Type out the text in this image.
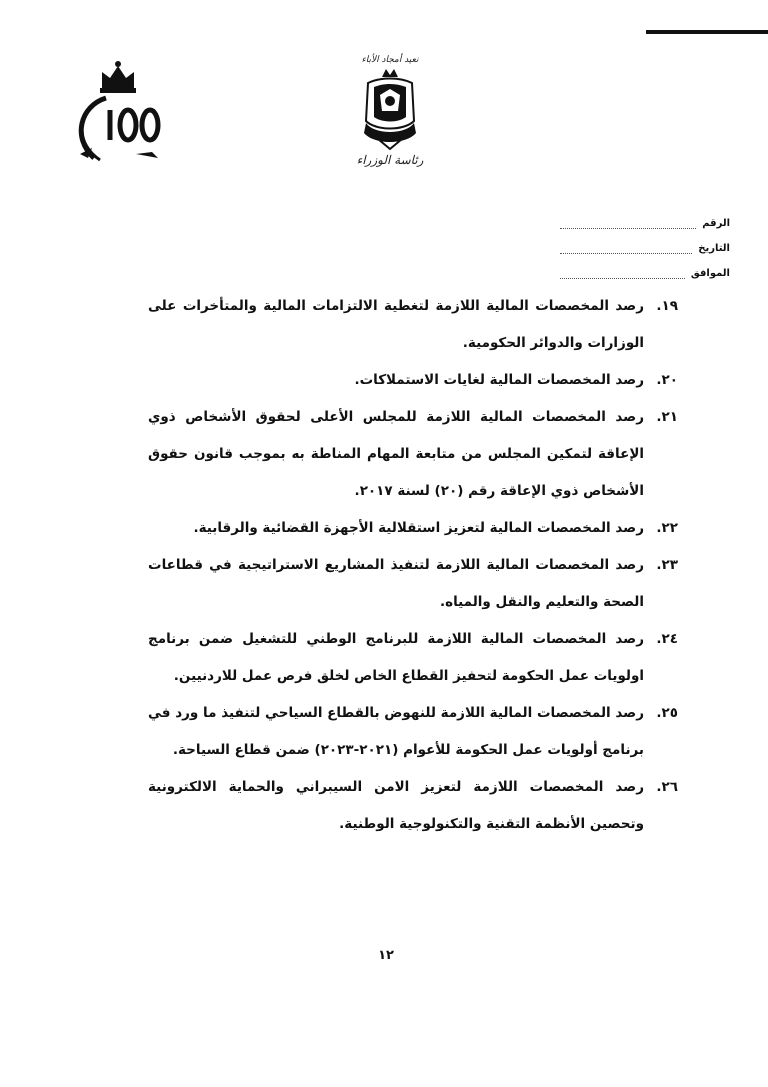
نعيد أمجاد الأباء
رئاسة الوزراء
الرقم
التاريخ
الموافق
١٩.
رصد المخصصات المالية اللازمة لتغطية الالتزامات المالية والمتأخرات على الوزارات والدوائر الحكومية.
٢٠.
رصد المخصصات المالية لغايات الاستملاكات.
٢١.
رصد المخصصات المالية اللازمة للمجلس الأعلى لحقوق الأشخاص ذوي الإعاقة لتمكين المجلس من متابعة المهام المناطة به بموجب قانون حقوق الأشخاص ذوي الإعاقة رقم (٢٠) لسنة ٢٠١٧.
٢٢.
رصد المخصصات المالية لتعزيز استقلالية الأجهزة القضائية والرقابية.
٢٣.
رصد المخصصات المالية اللازمة لتنفيذ المشاريع الاستراتيجية في قطاعات الصحة والتعليم والنقل والمياه.
٢٤.
رصد المخصصات المالية اللازمة للبرنامج الوطني للتشغيل ضمن برنامج اولويات عمل الحكومة لتحفيز القطاع الخاص لخلق فرص عمل للاردنيين.
٢٥.
رصد المخصصات المالية اللازمة للنهوض بالقطاع السياحي لتنفيذ ما ورد في برنامج أولويات عمل الحكومة للأعوام (٢٠٢١-٢٠٢٣) ضمن قطاع السياحة.
٢٦.
رصد المخصصات اللازمة لتعزيز الامن السيبراني والحماية الالكترونية وتحصين الأنظمة التقنية والتكنولوجية الوطنية.
١٢
